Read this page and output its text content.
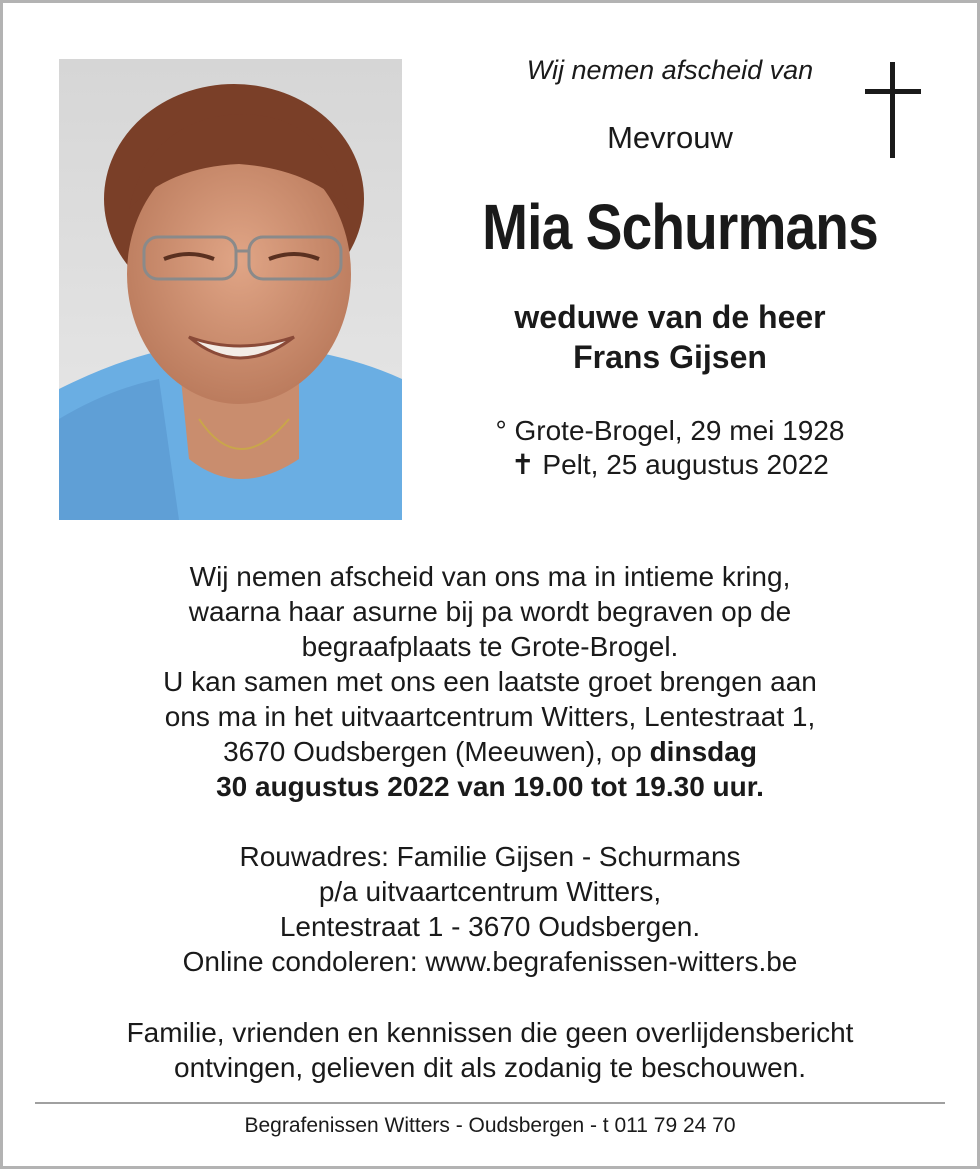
Wij nemen afscheid van
Mevrouw
Mia Schurmans
weduwe van de heer
Frans Gijsen
° Grote-Brogel, 29 mei 1928
✝ Pelt, 25 augustus 2022
Wij nemen afscheid van ons ma in intieme kring,
waarna haar asurne bij pa wordt begraven op de
begraafplaats te Grote-Brogel.
U kan samen met ons een laatste groet brengen aan
ons ma in het uitvaartcentrum Witters, Lentestraat 1,
3670 Oudsbergen (Meeuwen), op dinsdag
30 augustus 2022 van 19.00 tot 19.30 uur.
Rouwadres: Familie Gijsen - Schurmans
p/a uitvaartcentrum Witters,
Lentestraat 1 - 3670 Oudsbergen.
Online condoleren: www.begrafenissen-witters.be
Familie, vrienden en kennissen die geen overlijdensbericht
ontvingen, gelieven dit als zodanig te beschouwen.
Begrafenissen Witters - Oudsbergen - t 011 79 24 70
